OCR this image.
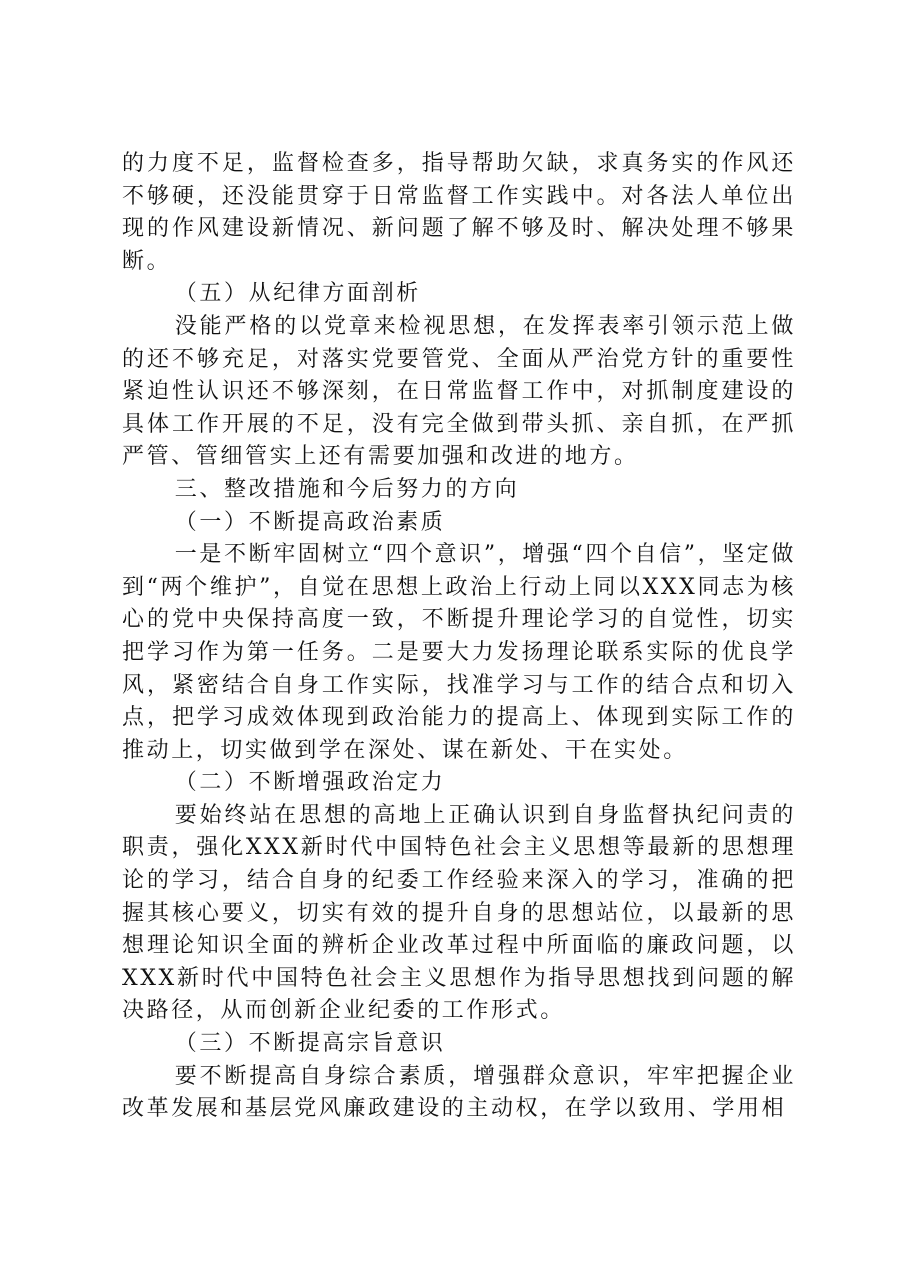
的力度不足，监督检查多，指导帮助欠缺，求真务实的作风还不够硬，还没能贯穿于日常监督工作实践中。对各法人单位出现的作风建设新情况、新问题了解不够及时、解决处理不够果断。

（五）从纪律方面剖析

没能严格的以党章来检视思想，在发挥表率引领示范上做的还不够充足，对落实党要管党、全面从严治党方针的重要性紧迫性认识还不够深刻，在日常监督工作中，对抓制度建设的具体工作开展的不足，没有完全做到带头抓、亲自抓，在严抓严管、管细管实上还有需要加强和改进的地方。

三、整改措施和今后努力的方向

（一）不断提高政治素质

一是不断牢固树立“四个意识”，增强“四个自信”，坚定做到“两个维护”，自觉在思想上政治上行动上同以XXX同志为核心的党中央保持高度一致，不断提升理论学习的自觉性，切实把学习作为第一任务。二是要大力发扬理论联系实际的优良学风，紧密结合自身工作实际，找准学习与工作的结合点和切入点，把学习成效体现到政治能力的提高上、体现到实际工作的推动上，切实做到学在深处、谋在新处、干在实处。

（二）不断增强政治定力

要始终站在思想的高地上正确认识到自身监督执纪问责的职责，强化XXX新时代中国特色社会主义思想等最新的思想理论的学习，结合自身的纪委工作经验来深入的学习，准确的把握其核心要义，切实有效的提升自身的思想站位，以最新的思想理论知识全面的辨析企业改革过程中所面临的廉政问题，以XXX新时代中国特色社会主义思想作为指导思想找到问题的解决路径，从而创新企业纪委的工作形式。

（三）不断提高宗旨意识

要不断提高自身综合素质，增强群众意识，牢牢把握企业改革发展和基层党风廉政建设的主动权，在学以致用、学用相
